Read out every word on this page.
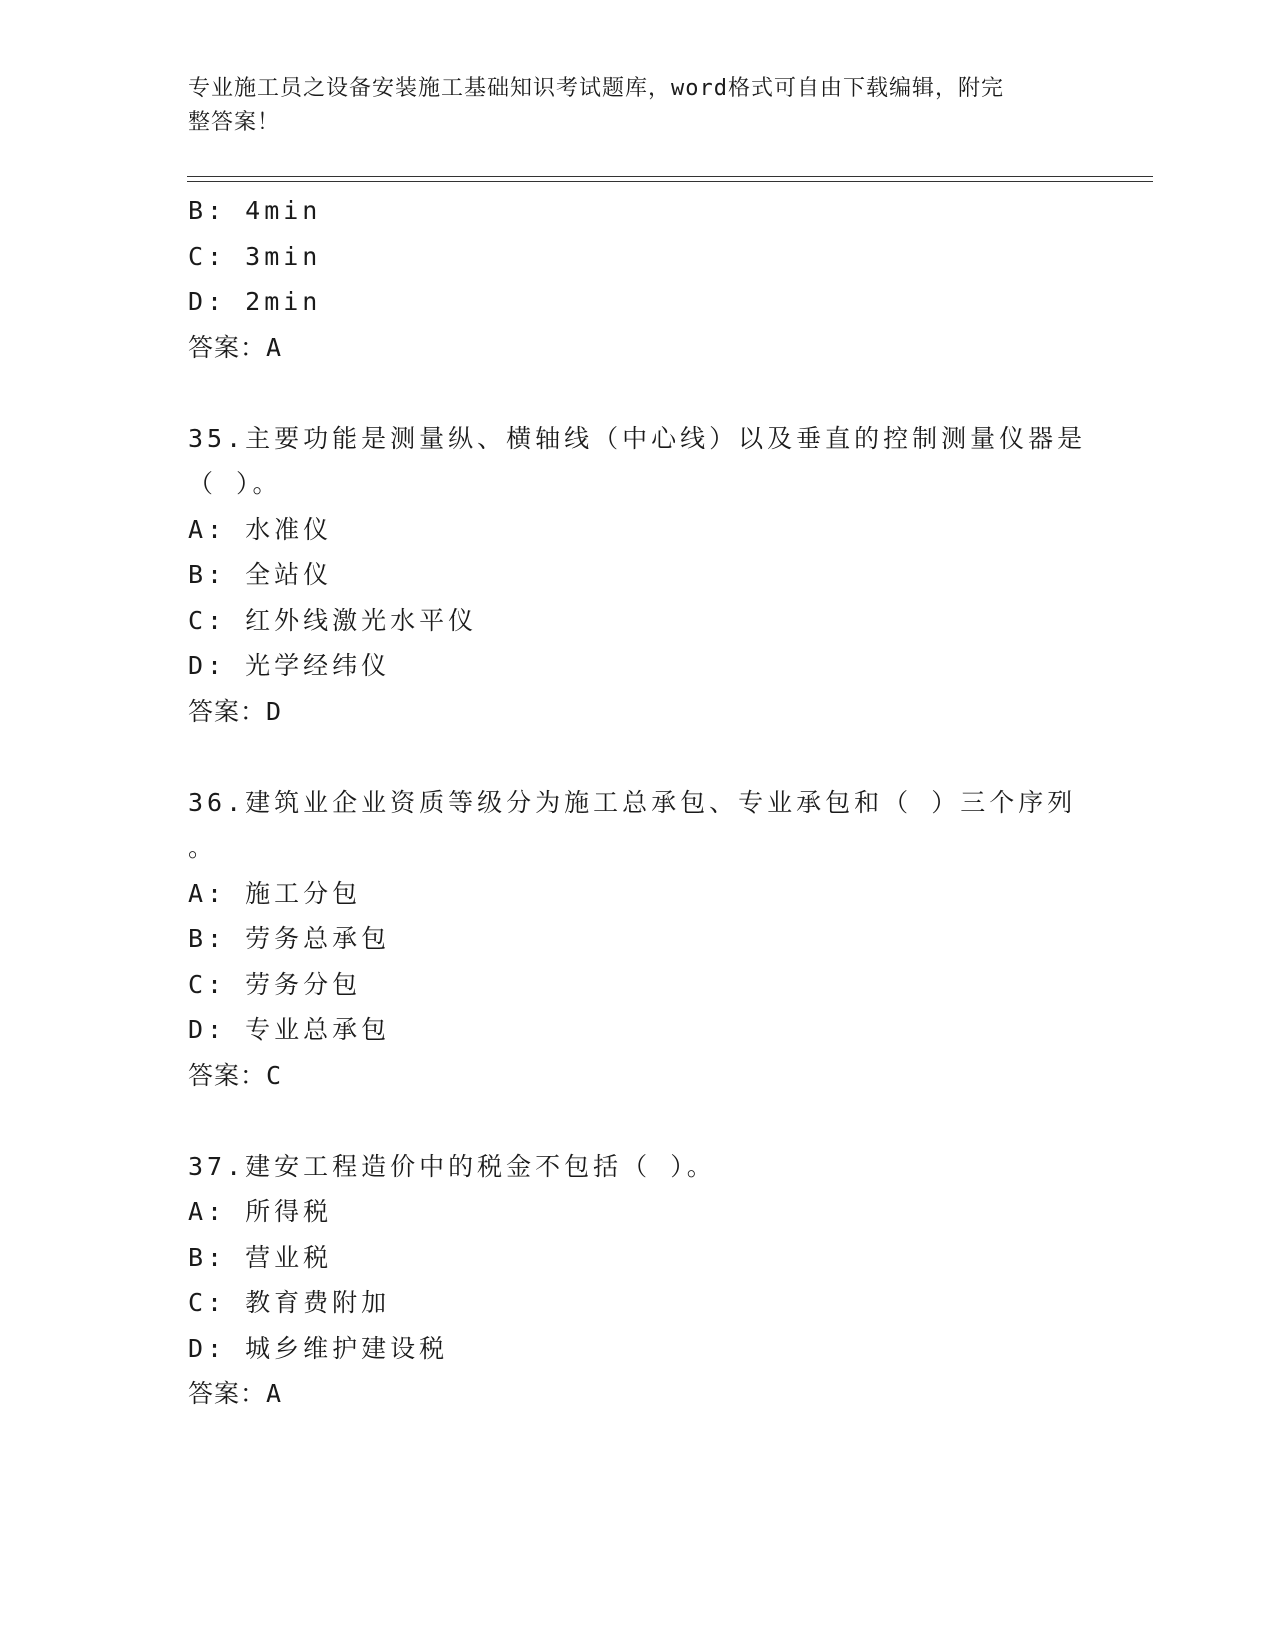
专业施工员之设备安装施工基础知识考试题库，word格式可自由下载编辑，附完
整答案！
B: 4min
C: 3min
D: 2min
答案：A
35.主要功能是测量纵、横轴线（中心线）以及垂直的控制测量仪器是
（ ）。
A: 水准仪
B: 全站仪
C: 红外线激光水平仪
D: 光学经纬仪
答案：D
36.建筑业企业资质等级分为施工总承包、专业承包和（ ）三个序列
。
A: 施工分包
B: 劳务总承包
C: 劳务分包
D: 专业总承包
答案：C
37.建安工程造价中的税金不包括（ ）。
A: 所得税
B: 营业税
C: 教育费附加
D: 城乡维护建设税
答案：A
